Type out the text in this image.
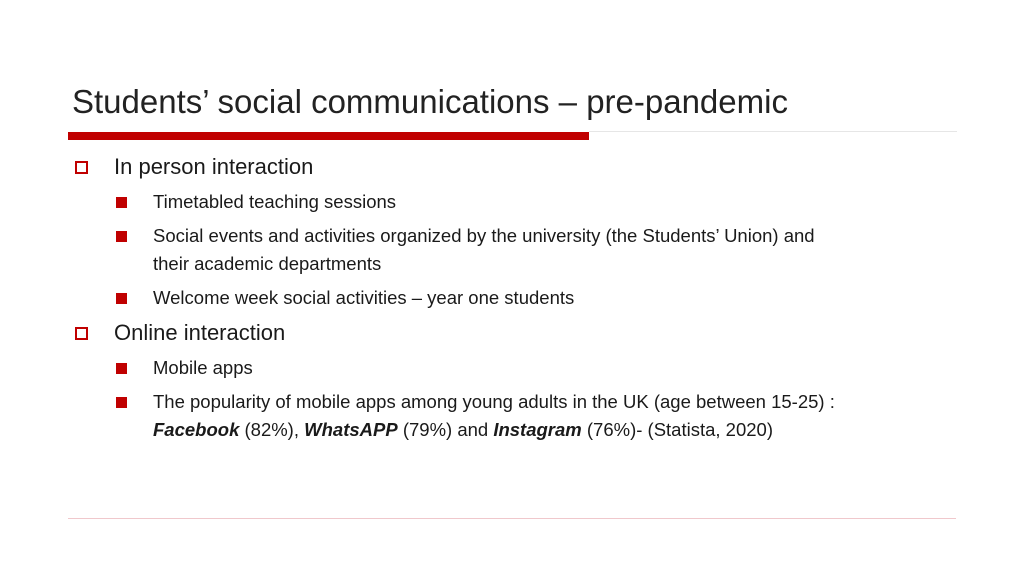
Students’ social communications – pre-pandemic
In person interaction
Timetabled teaching sessions
Social events and activities organized by the university (the Students’ Union) and
their academic departments
Welcome week social activities – year one students
Online interaction
Mobile apps
The popularity of mobile apps among young adults in the UK (age between 15-25) :
Facebook (82%), WhatsAPP (79%) and Instagram (76%)- (Statista, 2020)
